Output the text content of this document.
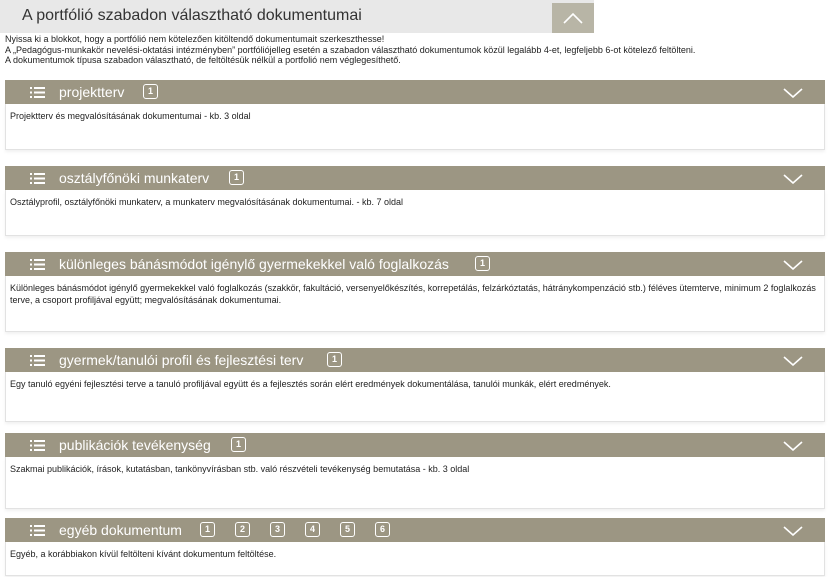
A portfólió szabadon választható dokumentumai
Nyissa ki a blokkot, hogy a portfólió nem kötelezően kitöltendő dokumentumait szerkeszthesse!
A „Pedagógus-munkakör nevelési-oktatási intézményben” portfóliójelleg esetén a szabadon választható dokumentumok közül legalább 4-et, legfeljebb 6-ot kötelező feltölteni.
A dokumentumok típusa szabadon választható, de feltöltésük nélkül a portfolió nem véglegesíthető.
projektterv	1
Projektterv és megvalósításának dokumentumai - kb. 3 oldal
osztályfőnöki munkaterv	1
Osztályprofil, osztályfőnöki munkaterv, a munkaterv megvalósításának dokumentumai. - kb. 7 oldal
különleges bánásmódot igénylő gyermekekkel való foglalkozás	1
Különleges bánásmódot igénylő gyermekekkel való foglalkozás (szakkör, fakultáció, versenyelőkészítés, korrepetálás, felzárkóztatás, hátránykompenzáció stb.) féléves ütemterve, minimum 2 foglalkozás terve, a csoport profiljával együtt; megvalósításának dokumentumai.
gyermek/tanulói profil és fejlesztési terv	1
Egy tanuló egyéni fejlesztési terve a tanuló profiljával együtt és a fejlesztés során elért eredmények dokumentálása, tanulói munkák, elért eredmények.
publikációk tevékenység	1
Szakmai publikációk, írások, kutatásban, tankönyvírásban stb. való részvételi tevékenység bemutatása - kb. 3 oldal
egyéb dokumentum	1	2	3	4	5	6
Egyéb, a korábbiakon kívül feltölteni kívánt dokumentum feltöltése.
